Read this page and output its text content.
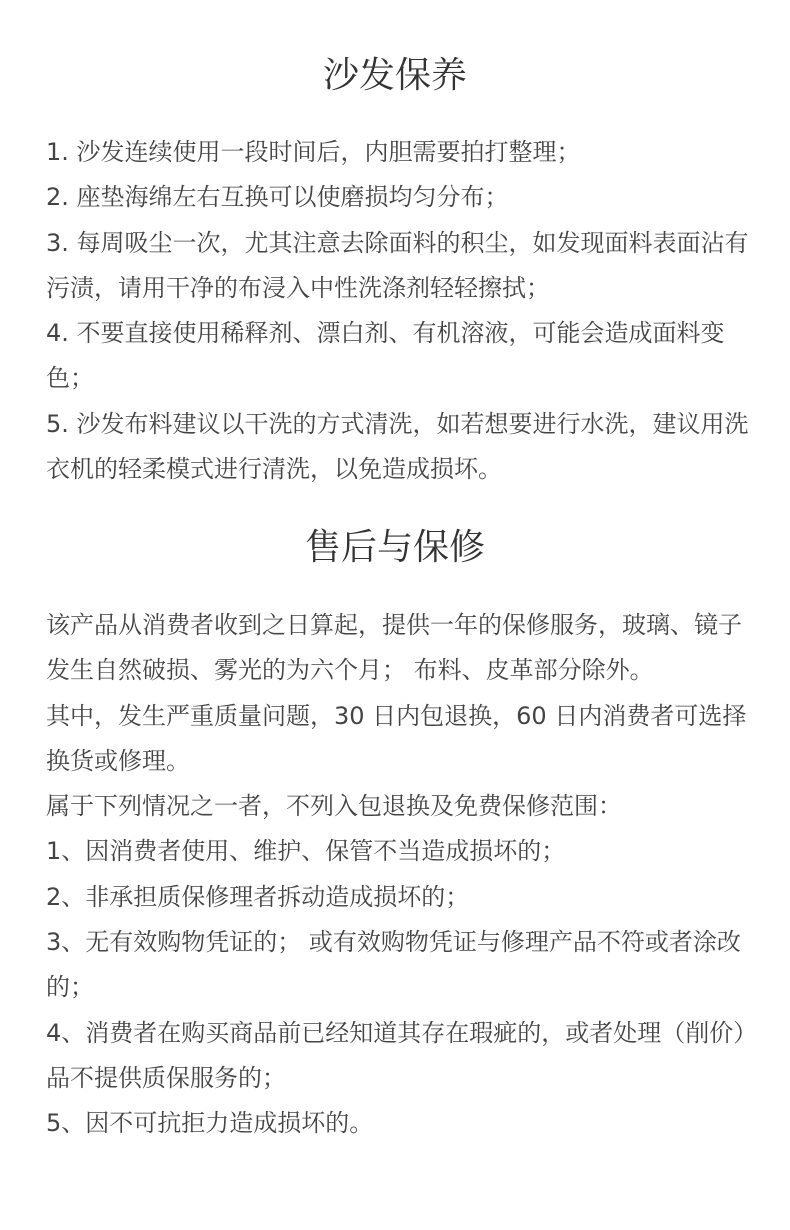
沙发保养

1. 沙发连续使用一段时间后，内胆需要拍打整理；

2. 座垫海绵左右互换可以使磨损均匀分布；

3. 每周吸尘一次，尤其注意去除面料的积尘，如发现面料表面沾有污渍，请用干净的布浸入中性洗涤剂轻轻擦拭；

4. 不要直接使用稀释剂、漂白剂、有机溶液，可能会造成面料变色；

5. 沙发布料建议以干洗的方式清洗，如若想要进行水洗，建议用洗衣机的轻柔模式进行清洗，以免造成损坏。

售后与保修

该产品从消费者收到之日算起，提供一年的保修服务，玻璃、镜子发生自然破损、雾光的为六个月； 布料、皮革部分除外。

其中，发生严重质量问题，30 日内包退换，60 日内消费者可选择换货或修理。

属于下列情况之一者，不列入包退换及免费保修范围：

1、因消费者使用、维护、保管不当造成损坏的；

2、非承担质保修理者拆动造成损坏的；

3、无有效购物凭证的； 或有效购物凭证与修理产品不符或者涂改的；

4、消费者在购买商品前已经知道其存在瑕疵的，或者处理（削价）品不提供质保服务的；

5、因不可抗拒力造成损坏的。
